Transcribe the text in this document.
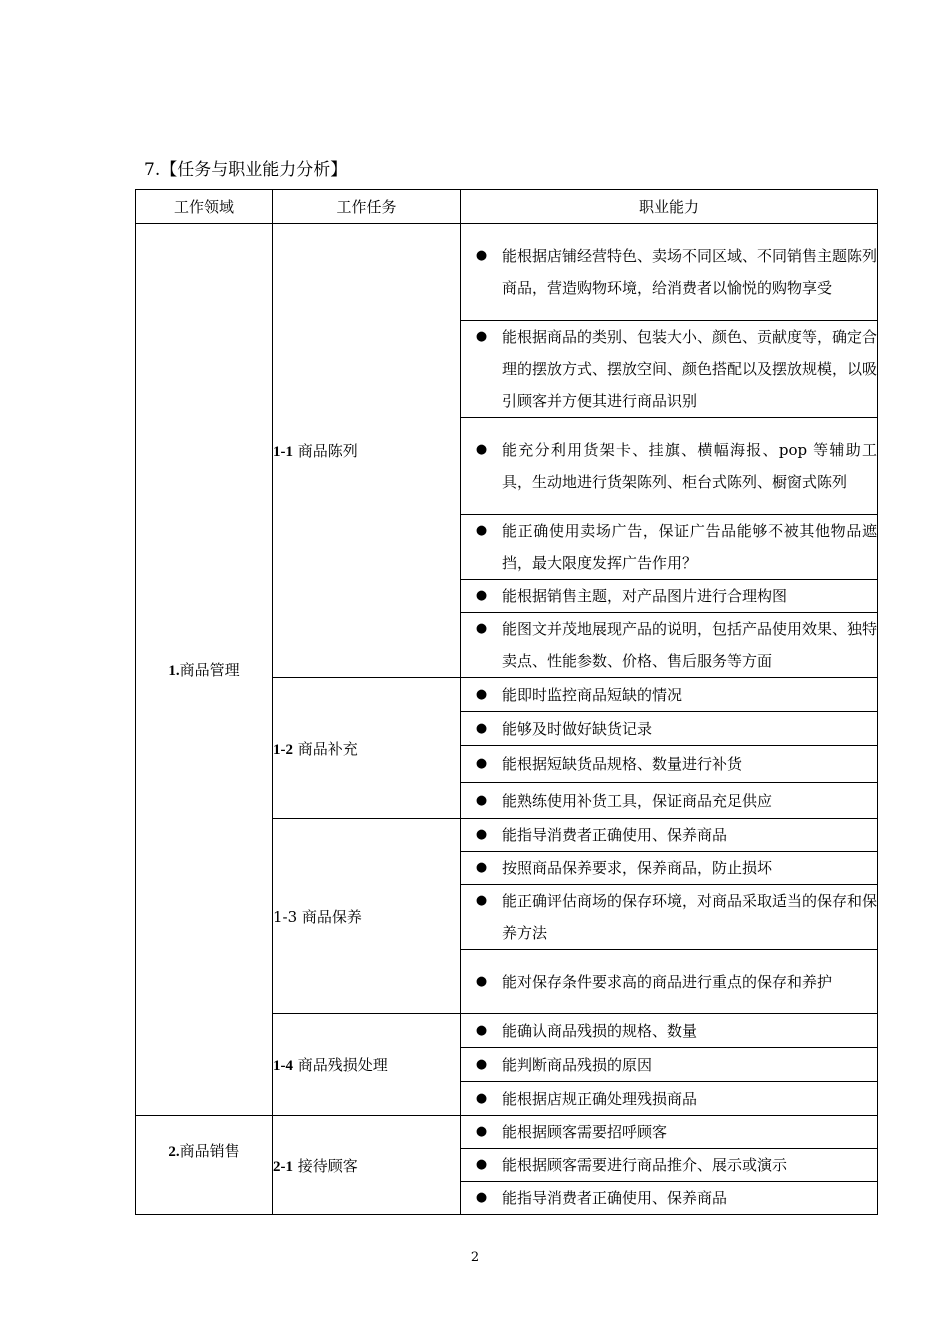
7.【任务与职业能力分析】
工作领域	工作任务	职业能力
1.商品管理	1-1 商品陈列	● 能根据店铺经营特色、卖场不同区域、不同销售主题陈列商品，营造购物环境，给消费者以愉悦的购物享受

		● 能根据商品的类别、包装大小、颜色、贡献度等，确定合理的摆放方式、摆放空间、颜色搭配以及摆放规模，以吸引顾客并方便其进行商品识别

		● 能充分利用货架卡、挂旗、横幅海报、pop 等辅助工具，生动地进行货架陈列、柜台式陈列、橱窗式陈列

		● 能正确使用卖场广告，保证广告品能够不被其他物品遮挡，最大限度发挥广告作用？

		● 能根据销售主题，对产品图片进行合理构图

		● 能图文并茂地展现产品的说明，包括产品使用效果、独特卖点、性能参数、价格、售后服务等方面

	1-2 商品补充	● 能即时监控商品短缺的情况

		● 能够及时做好缺货记录

		● 能根据短缺货品规格、数量进行补货

		● 能熟练使用补货工具，保证商品充足供应

	1-3 商品保养	● 能指导消费者正确使用、保养商品

		● 按照商品保养要求，保养商品，防止损坏

		● 能正确评估商场的保存环境，对商品采取适当的保存和保养方法

		● 能对保存条件要求高的商品进行重点的保存和养护

	1-4 商品残损处理	● 能确认商品残损的规格、数量

		● 能判断商品残损的原因

		● 能根据店规正确处理残损商品

2.商品销售	2-1 接待顾客	● 能根据顾客需要招呼顾客

		● 能根据顾客需要进行商品推介、展示或演示

		● 能指导消费者正确使用、保养商品
2
